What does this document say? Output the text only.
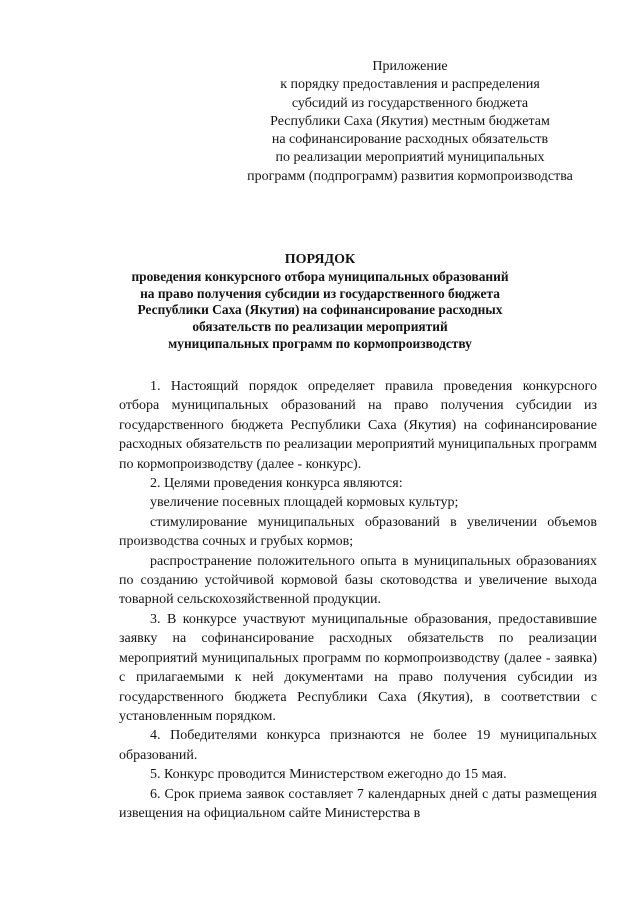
Приложение
к порядку предоставления и распределения
субсидий из государственного бюджета
Республики Саха (Якутия) местным бюджетам
на софинансирование расходных обязательств
по реализации мероприятий муниципальных
программ (подпрограмм) развития кормопроизводства
ПОРЯДОК
проведения конкурсного отбора муниципальных образований
на право получения субсидии из государственного бюджета
Республики Саха (Якутия) на софинансирование расходных
обязательств по реализации мероприятий
муниципальных программ по кормопроизводству

1. Настоящий порядок определяет правила проведения конкурсного отбора муниципальных образований на право получения субсидии из государственного бюджета Республики Саха (Якутия) на софинансирование расходных обязательств по реализации мероприятий муниципальных программ по кормопроизводству (далее - конкурс).

2. Целями проведения конкурса являются:

увеличение посевных площадей кормовых культур;

стимулирование муниципальных образований в увеличении объемов производства сочных и грубых кормов;

распространение положительного опыта в муниципальных образованиях по созданию устойчивой кормовой базы скотоводства и увеличение выхода товарной сельскохозяйственной продукции.

3. В конкурсе участвуют муниципальные образования, предоставившие заявку на софинансирование расходных обязательств по реализации мероприятий муниципальных программ по кормопроизводству (далее - заявка) с прилагаемыми к ней документами на право получения субсидии из государственного бюджета Республики Саха (Якутия), в соответствии с установленным порядком.

4. Победителями конкурса признаются не более 19 муниципальных образований.

5. Конкурс проводится Министерством ежегодно до 15 мая.

6. Срок приема заявок составляет 7 календарных дней с даты размещения извещения на официальном сайте Министерства в
